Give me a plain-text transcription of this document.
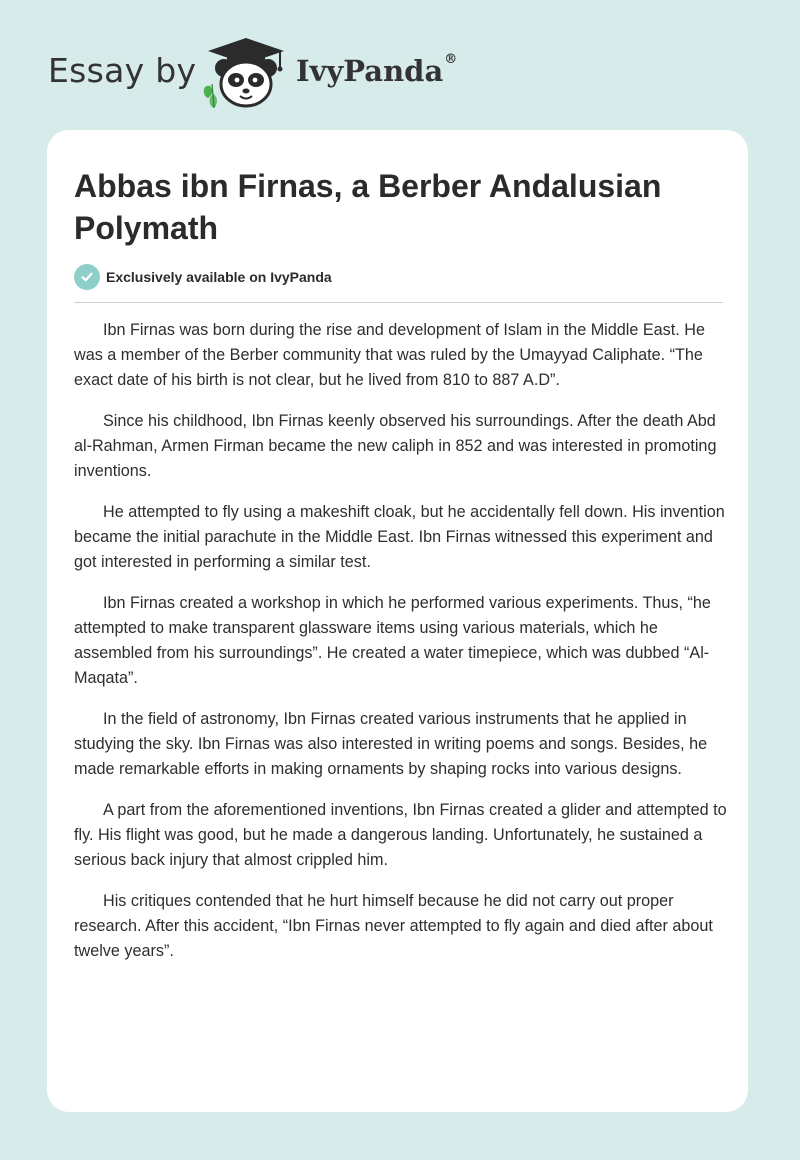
Essay by	IvyPanda®
Abbas ibn Firnas, a Berber Andalusian Polymath
Exclusively available on IvyPanda

Ibn Firnas was born during the rise and development of Islam in the Middle East. He was a member of the Berber community that was ruled by the Umayyad Caliphate. “The exact date of his birth is not clear, but he lived from 810 to 887 A.D”.

Since his childhood, Ibn Firnas keenly observed his surroundings. After the death Abd al-Rahman, Armen Firman became the new caliph in 852 and was interested in promoting inventions.

He attempted to fly using a makeshift cloak, but he accidentally fell down. His invention became the initial parachute in the Middle East. Ibn Firnas witnessed this experiment and got interested in performing a similar test.

Ibn Firnas created a workshop in which he performed various experiments. Thus, “he attempted to make transparent glassware items using various materials, which he assembled from his surroundings”. He created a water timepiece, which was dubbed “Al-Maqata”.

In the field of astronomy, Ibn Firnas created various instruments that he applied in studying the sky. Ibn Firnas was also interested in writing poems and songs. Besides, he made remarkable efforts in making ornaments by shaping rocks into various designs.

A part from the aforementioned inventions, Ibn Firnas created a glider and attempted to fly. His flight was good, but he made a dangerous landing. Unfortunately, he sustained a serious back injury that almost crippled him.

His critiques contended that he hurt himself because he did not carry out proper research. After this accident, “Ibn Firnas never attempted to fly again and died after about twelve years”.
